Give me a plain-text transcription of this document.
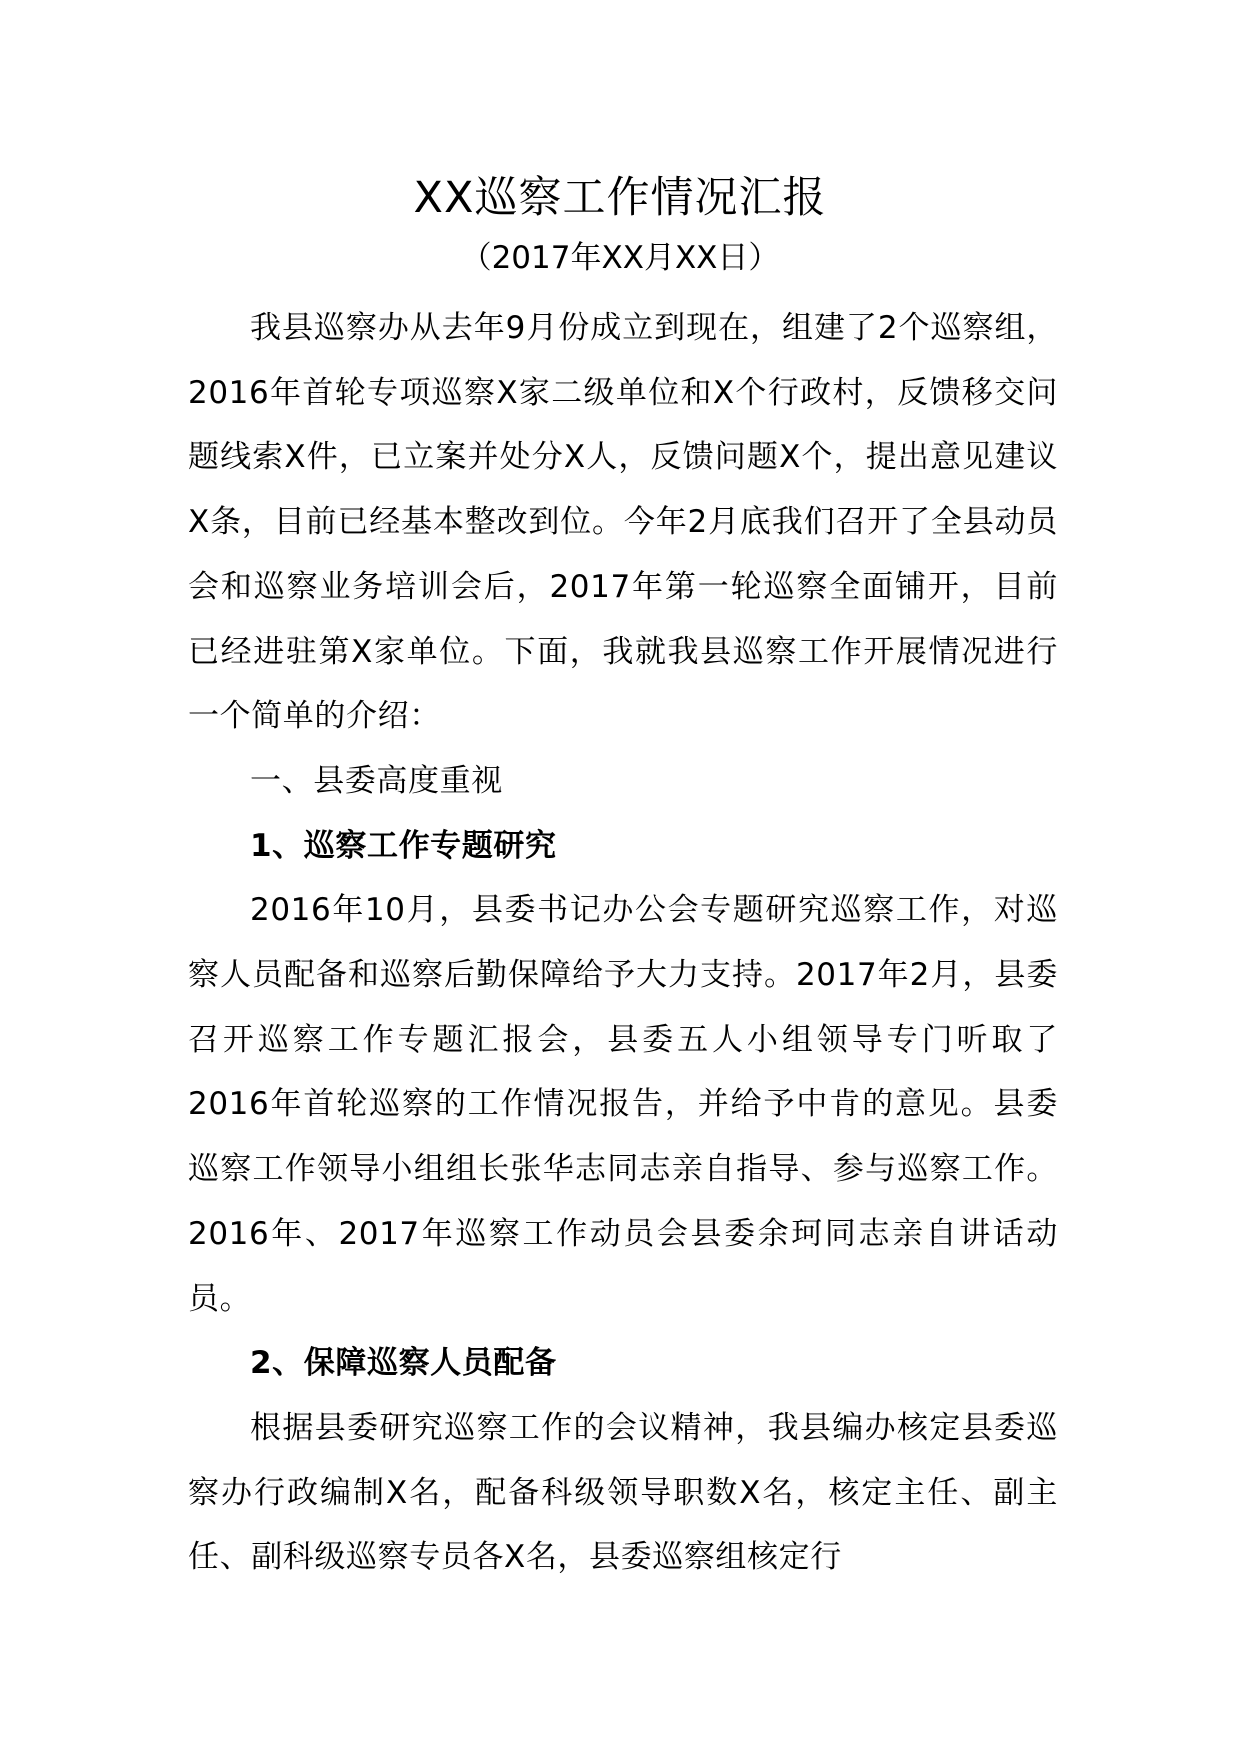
XX巡察工作情况汇报
（2017年XX月XX日）

我县巡察办从去年9月份成立到现在，组建了2个巡察组，2016年首轮专项巡察X家二级单位和X个行政村，反馈移交问题线索X件，已立案并处分X人，反馈问题X个，提出意见建议X条，目前已经基本整改到位。今年2月底我们召开了全县动员会和巡察业务培训会后，2017年第一轮巡察全面铺开，目前已经进驻第X家单位。下面，我就我县巡察工作开展情况进行一个简单的介绍：

一、县委高度重视

1、巡察工作专题研究

2016年10月，县委书记办公会专题研究巡察工作，对巡察人员配备和巡察后勤保障给予大力支持。2017年2月，县委召开巡察工作专题汇报会，县委五人小组领导专门听取了2016年首轮巡察的工作情况报告，并给予中肯的意见。县委巡察工作领导小组组长张华志同志亲自指导、参与巡察工作。2016年、2017年巡察工作动员会县委余珂同志亲自讲话动员。

2、保障巡察人员配备

根据县委研究巡察工作的会议精神，我县编办核定县委巡察办行政编制X名，配备科级领导职数X名，核定主任、副主任、副科级巡察专员各X名，县委巡察组核定行
